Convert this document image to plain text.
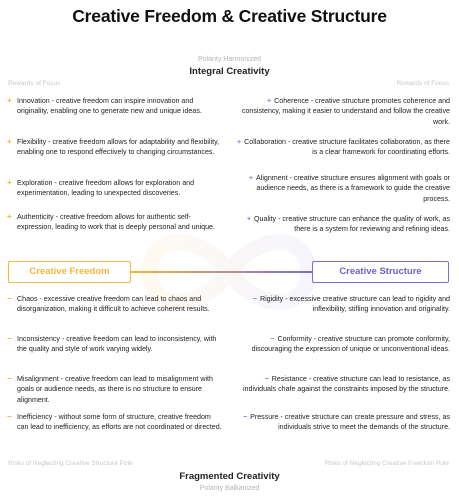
Creative Freedom & Creative Structure
Polarity Harmonized
Integral Creativity
Rewards of Focus	Rewards of Focus
+ Innovation - creative freedom can inspire innovation and originality, enabling one to generate new and unique ideas.
+ Flexibility - creative freedom allows for adaptability and flexibility, enabling one to respond effectively to changing circumstances.
+ Exploration - creative freedom allows for exploration and experimentation, leading to unexpected discoveries.
+ Authenticity - creative freedom allows for authentic self-expression, leading to work that is deeply personal and unique.
+ Coherence - creative structure promotes coherence and consistency, making it easier to understand and follow the creative work.
+ Collaboration - creative structure facilitates collaboration, as there is a clear framework for coordinating efforts.
+ Alignment - creative structure ensures alignment with goals or audience needs, as there is a framework to guide the creative process.
+ Quality - creative structure can enhance the quality of work, as there is a system for reviewing and refining ideas.
Creative Freedom	Creative Structure
− Chaos - excessive creative freedom can lead to chaos and disorganization, making it difficult to achieve coherent results.
− Inconsistency - creative freedom can lead to inconsistency, with the quality and style of work varying widely.
− Misalignment - creative freedom can lead to misalignment with goals or audience needs, as there is no structure to ensure alignment.
− Inefficiency - without some form of structure, creative freedom can lead to inefficiency, as efforts are not coordinated or directed.
− Rigidity - excessive creative structure can lead to rigidity and inflexibility, stifling innovation and originality.
− Conformity - creative structure can promote conformity, discouraging the expression of unique or unconventional ideas.
− Resistance - creative structure can lead to resistance, as individuals chafe against the constraints imposed by the structure.
− Pressure - creative structure can create pressure and stress, as individuals strive to meet the demands of the structure.
Risks of Neglecting Creative Structure Pole	Risks of Neglecting Creative Freedom Pole
Fragmented Creativity
Polarity Balkanized
